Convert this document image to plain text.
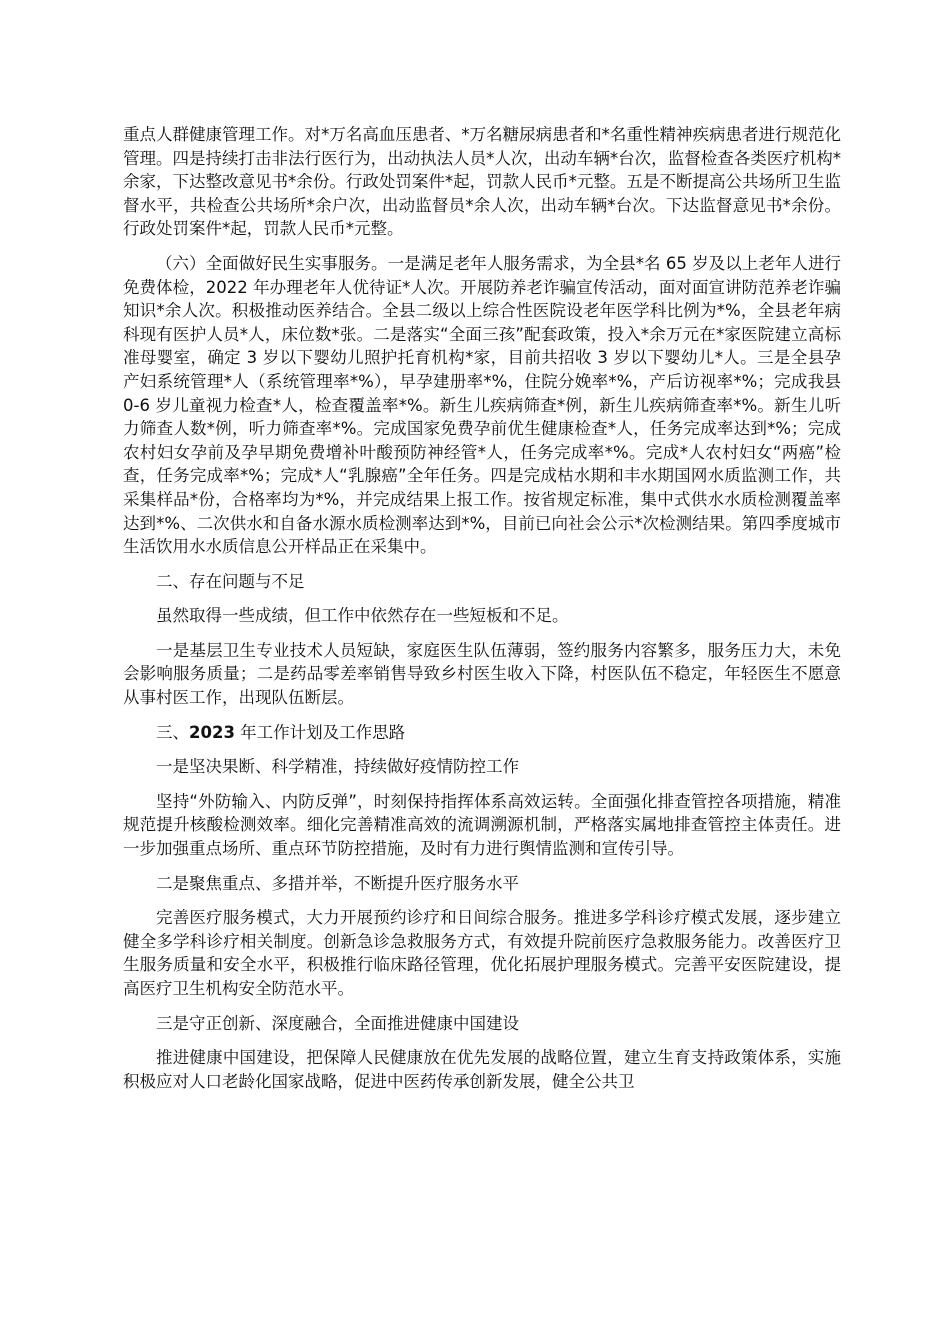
重点人群健康管理工作。对*万名高血压患者、*万名糖尿病患者和*名重性精神疾病患者进行规范化管理。四是持续打击非法行医行为，出动执法人员*人次，出动车辆*台次，监督检查各类医疗机构*余家，下达整改意见书*余份。行政处罚案件*起，罚款人民币*元整。五是不断提高公共场所卫生监督水平，共检查公共场所*余户次，出动监督员*余人次，出动车辆*台次。下达监督意见书*余份。行政处罚案件*起，罚款人民币*元整。

（六）全面做好民生实事服务。一是满足老年人服务需求，为全县*名 65 岁及以上老年人进行免费体检，2022 年办理老年人优待证*人次。开展防养老诈骗宣传活动，面对面宣讲防范养老诈骗知识*余人次。积极推动医养结合。全县二级以上综合性医院设老年医学科比例为*%，全县老年病科现有医护人员*人，床位数*张。二是落实“全面三孩”配套政策，投入*余万元在*家医院建立高标准母婴室，确定 3 岁以下婴幼儿照护托育机构*家，目前共招收 3 岁以下婴幼儿*人。三是全县孕产妇系统管理*人（系统管理率*%），早孕建册率*%，住院分娩率*%，产后访视率*%；完成我县 0-6 岁儿童视力检查*人，检查覆盖率*%。新生儿疾病筛查*例，新生儿疾病筛查率*%。新生儿听力筛查人数*例，听力筛查率*%。完成国家免费孕前优生健康检查*人，任务完成率达到*%；完成农村妇女孕前及孕早期免费增补叶酸预防神经管*人，任务完成率*%。完成*人农村妇女“两癌”检查，任务完成率*%；完成*人“乳腺癌”全年任务。四是完成枯水期和丰水期国网水质监测工作，共采集样品*份，合格率均为*%，并完成结果上报工作。按省规定标准，集中式供水水质检测覆盖率达到*%、二次供水和自备水源水质检测率达到*%，目前已向社会公示*次检测结果。第四季度城市生活饮用水水质信息公开样品正在采集中。

二、存在问题与不足

虽然取得一些成绩，但工作中依然存在一些短板和不足。

一是基层卫生专业技术人员短缺，家庭医生队伍薄弱，签约服务内容繁多，服务压力大，未免会影响服务质量；二是药品零差率销售导致乡村医生收入下降，村医队伍不稳定，年轻医生不愿意从事村医工作，出现队伍断层。

三、2023 年工作计划及工作思路

一是坚决果断、科学精准，持续做好疫情防控工作

坚持“外防输入、内防反弹”，时刻保持指挥体系高效运转。全面强化排查管控各项措施，精准规范提升核酸检测效率。细化完善精准高效的流调溯源机制，严格落实属地排查管控主体责任。进一步加强重点场所、重点环节防控措施，及时有力进行舆情监测和宣传引导。

二是聚焦重点、多措并举，不断提升医疗服务水平

完善医疗服务模式，大力开展预约诊疗和日间综合服务。推进多学科诊疗模式发展，逐步建立健全多学科诊疗相关制度。创新急诊急救服务方式，有效提升院前医疗急救服务能力。改善医疗卫生服务质量和安全水平，积极推行临床路径管理，优化拓展护理服务模式。完善平安医院建设，提高医疗卫生机构安全防范水平。

三是守正创新、深度融合，全面推进健康中国建设

推进健康中国建设，把保障人民健康放在优先发展的战略位置，建立生育支持政策体系，实施积极应对人口老龄化国家战略，促进中医药传承创新发展，健全公共卫
